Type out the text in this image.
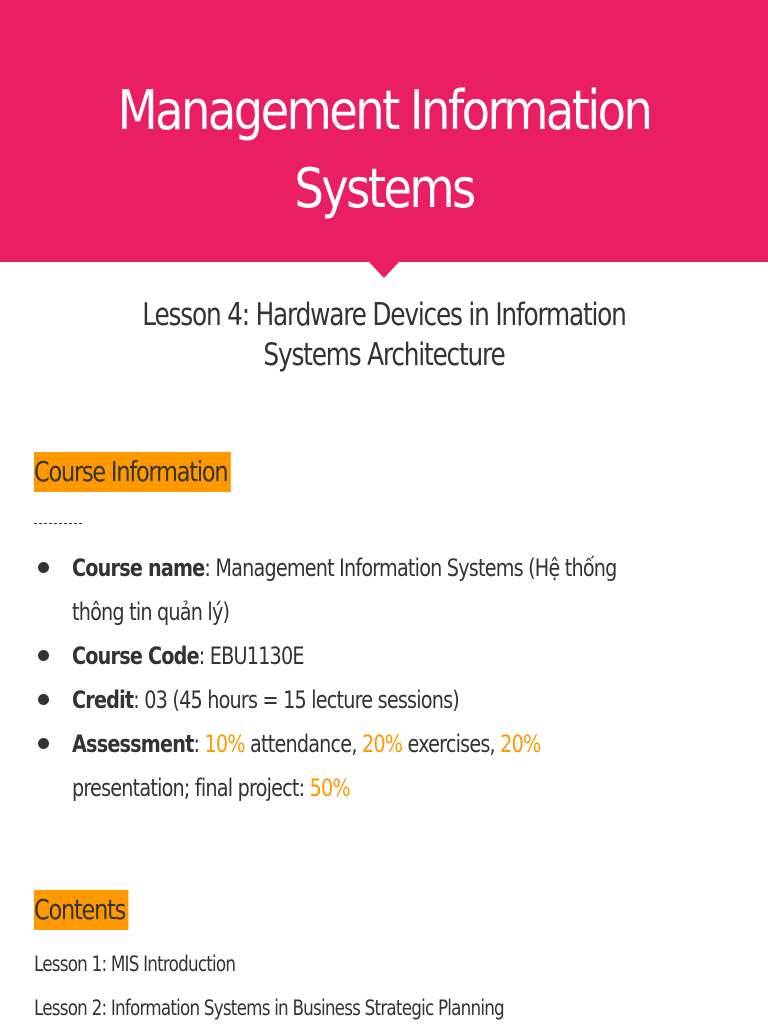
Management Information
Systems
Lesson 4: Hardware Devices in Information
Systems Architecture
Course Information
Course name: Management Information Systems (Hệ thống
thông tin quản lý)
Course Code: EBU1130E
Credit: 03 (45 hours = 15 lecture sessions)
Assessment: 10% attendance, 20% exercises, 20%
presentation; final project: 50%
Contents
Lesson 1: MIS Introduction
Lesson 2: Information Systems in Business Strategic Planning
